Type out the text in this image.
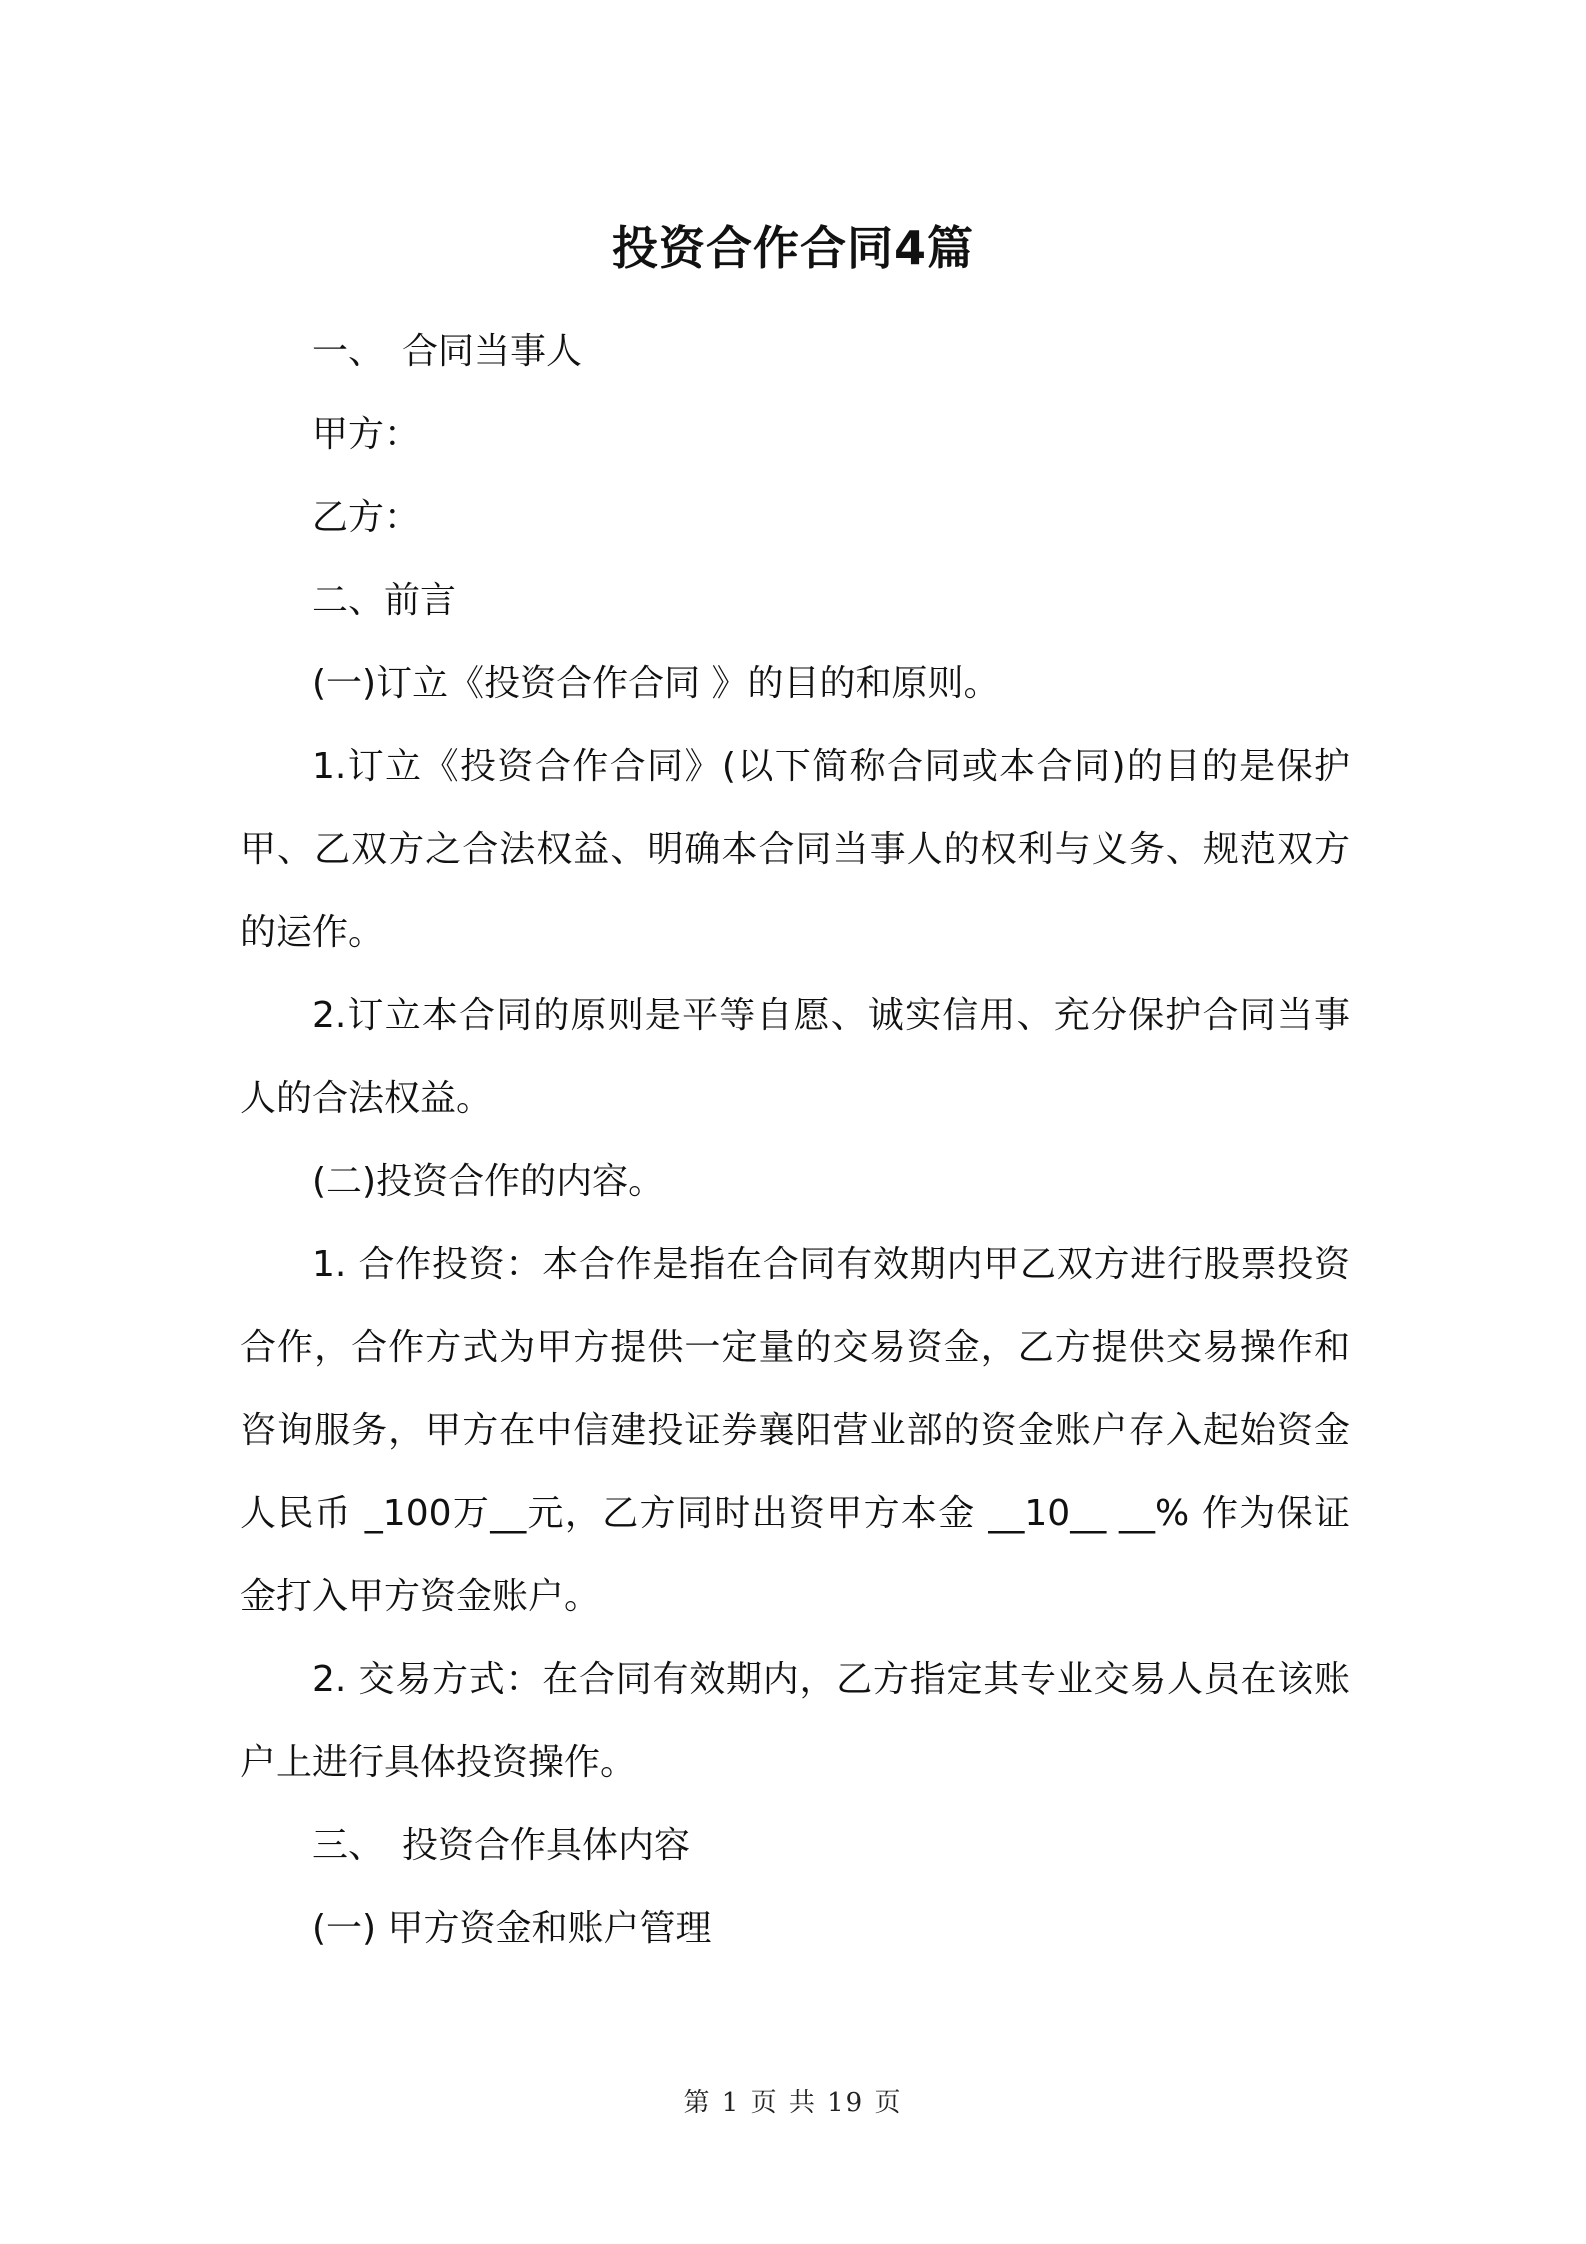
投资合作合同4篇

一、　合同当事人

甲方：

乙方：

二、前言

(一)订立《投资合作合同 》的目的和原则。

1.订立《投资合作合同》(以下简称合同或本合同)的目的是保护甲、乙双方之合法权益、明确本合同当事人的权利与义务、规范双方的运作。

2.订立本合同的原则是平等自愿、诚实信用、充分保护合同当事人的合法权益。

(二)投资合作的内容。

1. 合作投资：本合作是指在合同有效期内甲乙双方进行股票投资合作，合作方式为甲方提供一定量的交易资金，乙方提供交易操作和咨询服务，甲方在中信建投证券襄阳营业部的资金账户存入起始资金人民币 _100万__元，乙方同时出资甲方本金 __10__ __% 作为保证金打入甲方资金账户。

2. 交易方式：在合同有效期内，乙方指定其专业交易人员在该账户上进行具体投资操作。

三、　投资合作具体内容

(一) 甲方资金和账户管理

第 1 页 共 19 页
